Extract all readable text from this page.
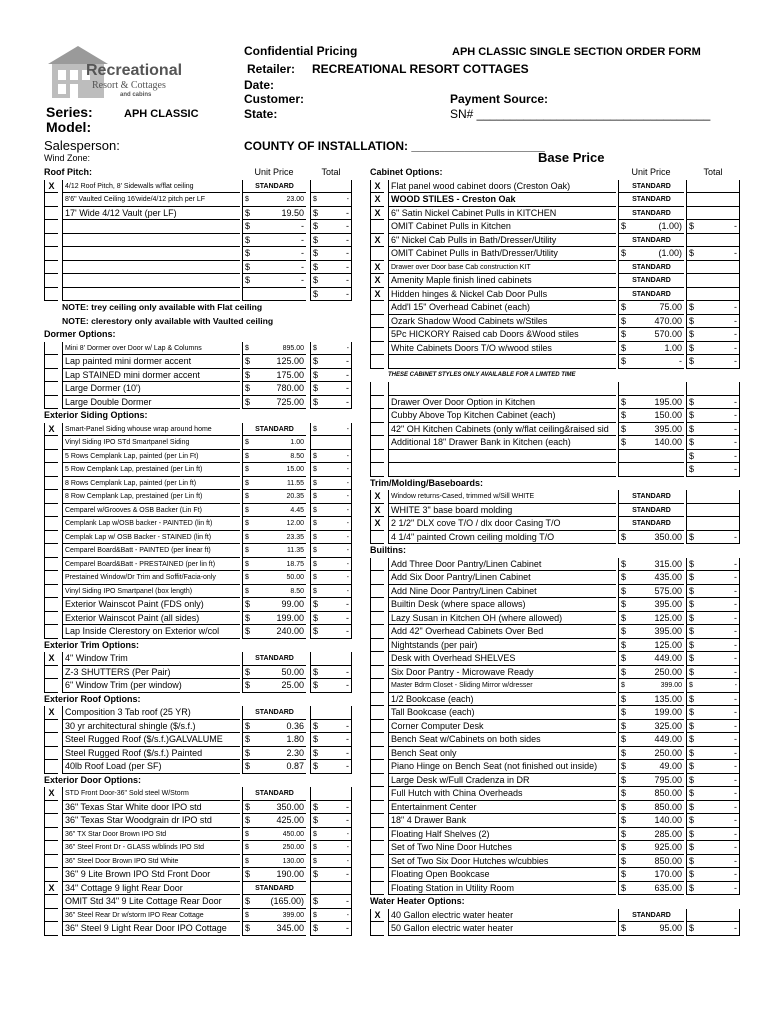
Recreational
Resort & Cottages
and cabins
Confidential Pricing	APH CLASSIC SINGLE SECTION ORDER FORM
Retailer: RECREATIONAL RESORT COTTAGES
Date:
Customer:	Payment Source:
State:	SN# ___________________________________
Series:	APH CLASSIC
Model:
Salesperson:	COUNTY OF INSTALLATION: ____________________
Base Price
Wind Zone:
Roof Pitch:	Unit Price	Total
X	4/12 Roof Pitch, 8' Sidewalls w/flat ceiling	STANDARD
8'6" Vaulted Ceiling 16'wide/4/12 pitch per LF	$	23.00 $	-
17' Wide 4/12 Vault (per LF)	$	19.50 $	-
$	- $	-
$	- $	-
$	- $	-
$	- $	-
$	- $	-
$	-
NOTE: trey ceiling only available with Flat ceiling
NOTE: clerestory only available with Vaulted ceiling
Dormer Options:
Mini 8' Dormer over Door w/ Lap & Columns	$	895.00 $	-
Lap painted mini dormer accent	$	125.00 $	-
Lap STAINED mini dormer accent	$	175.00 $	-
Large Dormer (10')	$	780.00 $	-
Large Double Dormer	$	725.00 $	-
Exterior Siding Options:
X	Smart-Panel Siding whouse wrap around home	STANDARD	$	-
Vinyl Siding IPO STd Smartpanel Siding	$	1.00
5 Rows Cemplank Lap, painted (per Lin Ft)	$	8.50 $	-
5 Row Cemplank Lap, prestained (per Lin ft)	$	15.00 $	-
8 Rows Cemplank Lap, painted (per Lin ft)	$	11.55 $	-
8 Row Cemplank Lap, prestained (per Lin ft)	$	20.35 $	-
Cemparel w/Grooves & OSB Backer (Lin Ft)	$	4.45 $	-
Cemplank Lap w/OSB backer - PAINTED (lin ft)	$	12.00 $	-
Cemplak Lap w/ OSB Backer - STAINED (lin ft)	$	23.35 $	-
Cemparel Board&Batt - PAINTED (per linear ft)	$	11.35 $	-
Cemparel Board&Batt - PRESTAINED (per lin ft)	$	18.75 $	-
Prestained Window/Dr Trim and Soffit/Facia-only	$	50.00 $	-
Vinyl Siding IPO Smartpanel (box length)	$	8.50 $	-
Exterior Wainscot Paint (FDS only)	$	99.00 $	-
Exterior Wainscot Paint (all sides)	$	199.00 $	-
Lap Inside Clerestory on Exterior w/col	$	240.00 $	-
Exterior Trim Options:
X	4" Window Trim	STANDARD
Z-3 SHUTTERS (Per Pair)	$	50.00 $	-
6" Window Trim (per window)	$	25.00 $	-
Exterior Roof Options:
X	Composition 3 Tab roof (25 YR)	STANDARD
30 yr architectural shingle ($/s.f.)	$	0.36 $	-
Steel Rugged Roof ($/s.f.)GALVALUME	$	1.80 $	-
Steel Rugged Roof ($/s.f.) Painted	$	2.30 $	-
40lb Roof Load (per SF)	$	0.87 $	-
Exterior Door Options:
X	STD Front Door-36" Sold steel W/Storm	STANDARD
36" Texas Star White door IPO std	$	350.00 $	-
36" Texas Star Woodgrain dr IPO std	$	425.00 $	-
36" TX Star Door Brown IPO Std	$	450.00 $	-
36" Steel Front Dr - GLASS w/blinds IPO Std	$	250.00 $	-
36" Steel Door Brown IPO Std White	$	130.00 $	-
36" 9 Lite Brown IPO Std Front Door	$	190.00 $	-
X	34" Cottage 9 light Rear Door	STANDARD
OMIT Std 34" 9 Lite Cottage Rear Door	$ (165.00) $	-
36" Steel Rear Dr w/storm IPO Rear Cottage	$	399.00 $	-
36" Steel 9 Light Rear Door IPO Cottage	$	345.00 $	-
Cabinet Options:	Unit Price	Total
X	Flat panel wood cabinet doors (Creston Oak)	STANDARD
X	WOOD STILES - Creston Oak	STANDARD
X	6" Satin Nickel Cabinet Pulls in KITCHEN	STANDARD
OMIT Cabinet Pulls in Kitchen	$	(1.00) $	-
X	6" Nickel Cab Pulls in Bath/Dresser/Utility	STANDARD
OMIT Cabinet Pulls in Bath/Dresser/Utility	$	(1.00) $	-
X	Drawer over Door base Cab construction KIT	STANDARD
X	Amenity Maple finish lined cabinets	STANDARD
X	Hidden hinges & Nickel Cab Door Pulls	STANDARD
Add'l 15" Overhead Cabinet (each)	$	75.00 $	-
Ozark Shadow Wood Cabinets w/Stiles	$	470.00 $	-
5Pc HICKORY Raised cab Doors &Wood stiles	$	570.00 $	-
White Cabinets Doors T/O w/wood stiles	$	1.00 $	-
$	- $	-
THESE CABINET STYLES ONLY AVAILABLE FOR A LIMITED TIME
Drawer Over Door Option in Kitchen	$	195.00 $	-
Cubby Above Top Kitchen Cabinet (each)	$	150.00 $	-
42" OH Kitchen Cabinets (only w/flat ceiling&raised sid	$	395.00 $	-
Additional 18" Drawer Bank in Kitchen (each)	$	140.00 $	-
$	-
$	-
Trim/Molding/Baseboards:
X	Window returns-Cased, trimmed w/Sill WHITE	STANDARD
X	WHITE 3" base board molding	STANDARD
X	2 1/2" DLX cove T/O / dlx door Casing T/O	STANDARD
4 1/4" painted Crown ceiling molding T/O	$	350.00 $	-
Builtins:
Add Three Door Pantry/Linen Cabinet	$	315.00 $	-
Add Six Door Pantry/Linen Cabinet	$	435.00 $	-
Add Nine Door Pantry/Linen Cabinet	$	575.00 $	-
Builtin Desk (where space allows)	$	395.00 $	-
Lazy Susan in Kitchen OH (where allowed)	$	125.00 $	-
Add 42" Overhead Cabinets Over Bed	$	395.00 $	-
Nightstands (per pair)	$	125.00 $	-
Desk with Overhead SHELVES	$	449.00 $	-
Six Door Pantry - Microwave Ready	$	250.00 $	-
Master Bdrm Closet - Sliding Mirror w/dresser	$	399.00 $	-
1/2 Bookcase (each)	$	135.00 $	-
Tall Bookcase (each)	$	199.00 $	-
Corner Computer Desk	$	325.00 $	-
Bench Seat w/Cabinets on both sides	$	449.00 $	-
Bench Seat only	$	250.00 $	-
Piano Hinge on Bench Seat (not finished out inside)	$	49.00 $	-
Large Desk w/Full Cradenza in DR	$	795.00 $	-
Full Hutch with China Overheads	$	850.00 $	-
Entertainment Center	$	850.00 $	-
18" 4 Drawer Bank	$	140.00 $	-
Floating Half Shelves (2)	$	285.00 $	-
Set of Two Nine Door Hutches	$	925.00 $	-
Set of Two Six Door Hutches w/cubbies	$	850.00 $	-
Floating Open Bookcase	$	170.00 $	-
Floating Station in Utility Room	$	635.00 $	-
Water Heater Options:
X	40 Gallon electric water heater	STANDARD
50 Gallon electric water heater	$	95.00 $	-
